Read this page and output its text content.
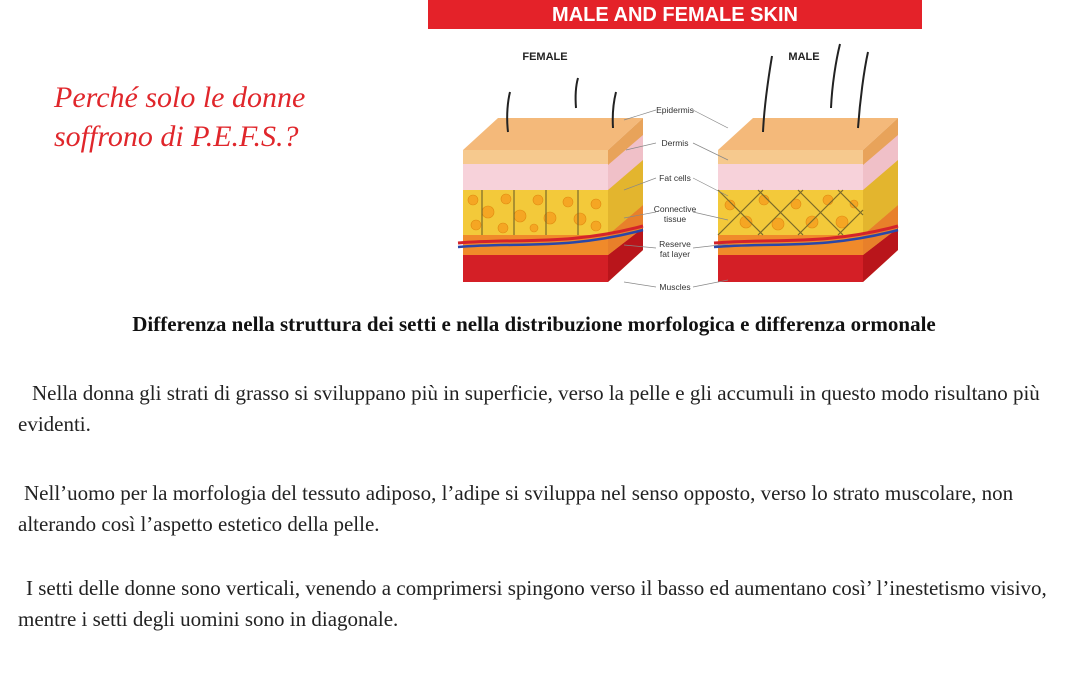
Perché solo le donne
soffrono di P.E.F.S.?
MALE AND FEMALE SKIN
FEMALE	MALE
Epidermis
Dermis
Fat cells
Connective
tissue
Reserve
fat layer
Muscles
Differenza nella struttura dei setti e nella distribuzione morfologica e differenza ormonale
Nella donna gli strati di grasso si sviluppano più in superficie, verso la pelle e gli accumuli in questo modo risultano più evidenti.
Nell’uomo per la morfologia del tessuto adiposo, l’adipe si sviluppa nel senso opposto, verso lo strato muscolare, non alterando così l’aspetto estetico della pelle.
I setti delle donne sono verticali, venendo a comprimersi spingono verso il basso ed aumentano così’ l’inestetismo visivo, mentre i setti degli uomini sono in diagonale.
